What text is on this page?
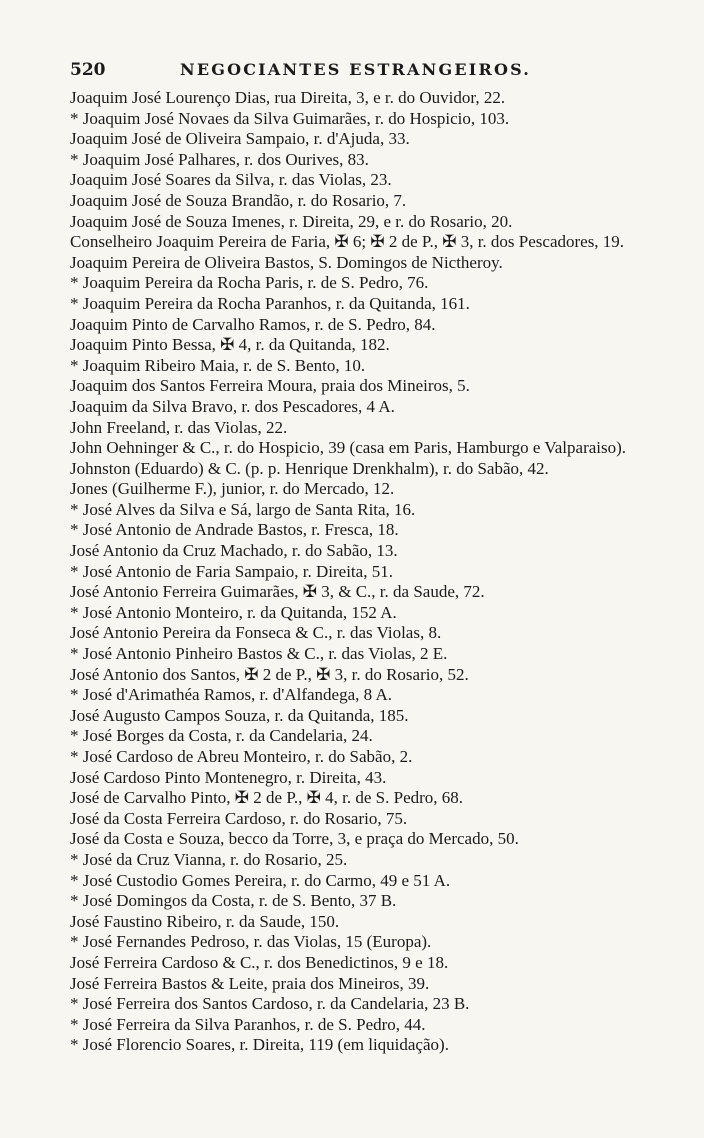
520	NEGOCIANTES ESTRANGEIROS.

Joaquim José Lourenço Dias, rua Direita, 3, e r. do Ouvidor, 22.

* Joaquim José Novaes da Silva Guimarães, r. do Hospicio, 103.

Joaquim José de Oliveira Sampaio, r. d'Ajuda, 33.

* Joaquim José Palhares, r. dos Ourives, 83.

Joaquim José Soares da Silva, r. das Violas, 23.

Joaquim José de Souza Brandão, r. do Rosario, 7.

Joaquim José de Souza Imenes, r. Direita, 29, e r. do Rosario, 20.

Conselheiro Joaquim Pereira de Faria, ✠ 6; ✠ 2 de P., ✠ 3, r. dos Pescadores, 19.

Joaquim Pereira de Oliveira Bastos, S. Domingos de Nictheroy.

* Joaquim Pereira da Rocha Paris, r. de S. Pedro, 76.

* Joaquim Pereira da Rocha Paranhos, r. da Quitanda, 161.

Joaquim Pinto de Carvalho Ramos, r. de S. Pedro, 84.

Joaquim Pinto Bessa, ✠ 4, r. da Quitanda, 182.

* Joaquim Ribeiro Maia, r. de S. Bento, 10.

Joaquim dos Santos Ferreira Moura, praia dos Mineiros, 5.

Joaquim da Silva Bravo, r. dos Pescadores, 4 A.

John Freeland, r. das Violas, 22.

John Oehninger & C., r. do Hospicio, 39 (casa em Paris, Hamburgo e Valparaiso).

Johnston (Eduardo) & C. (p. p. Henrique Drenkhalm), r. do Sabão, 42.

Jones (Guilherme F.), junior, r. do Mercado, 12.

* José Alves da Silva e Sá, largo de Santa Rita, 16.

* José Antonio de Andrade Bastos, r. Fresca, 18.

José Antonio da Cruz Machado, r. do Sabão, 13.

* José Antonio de Faria Sampaio, r. Direita, 51.

José Antonio Ferreira Guimarães, ✠ 3, & C., r. da Saude, 72.

* José Antonio Monteiro, r. da Quitanda, 152 A.

José Antonio Pereira da Fonseca & C., r. das Violas, 8.

* José Antonio Pinheiro Bastos & C., r. das Violas, 2 E.

José Antonio dos Santos, ✠ 2 de P., ✠ 3, r. do Rosario, 52.

* José d'Arimathéa Ramos, r. d'Alfandega, 8 A.

José Augusto Campos Souza, r. da Quitanda, 185.

* José Borges da Costa, r. da Candelaria, 24.

* José Cardoso de Abreu Monteiro, r. do Sabão, 2.

José Cardoso Pinto Montenegro, r. Direita, 43.

José de Carvalho Pinto, ✠ 2 de P., ✠ 4, r. de S. Pedro, 68.

José da Costa Ferreira Cardoso, r. do Rosario, 75.

José da Costa e Souza, becco da Torre, 3, e praça do Mercado, 50.

* José da Cruz Vianna, r. do Rosario, 25.

* José Custodio Gomes Pereira, r. do Carmo, 49 e 51 A.

* José Domingos da Costa, r. de S. Bento, 37 B.

José Faustino Ribeiro, r. da Saude, 150.

* José Fernandes Pedroso, r. das Violas, 15 (Europa).

José Ferreira Cardoso & C., r. dos Benedictinos, 9 e 18.

José Ferreira Bastos & Leite, praia dos Mineiros, 39.

* José Ferreira dos Santos Cardoso, r. da Candelaria, 23 B.

* José Ferreira da Silva Paranhos, r. de S. Pedro, 44.

* José Florencio Soares, r. Direita, 119 (em liquidação).
